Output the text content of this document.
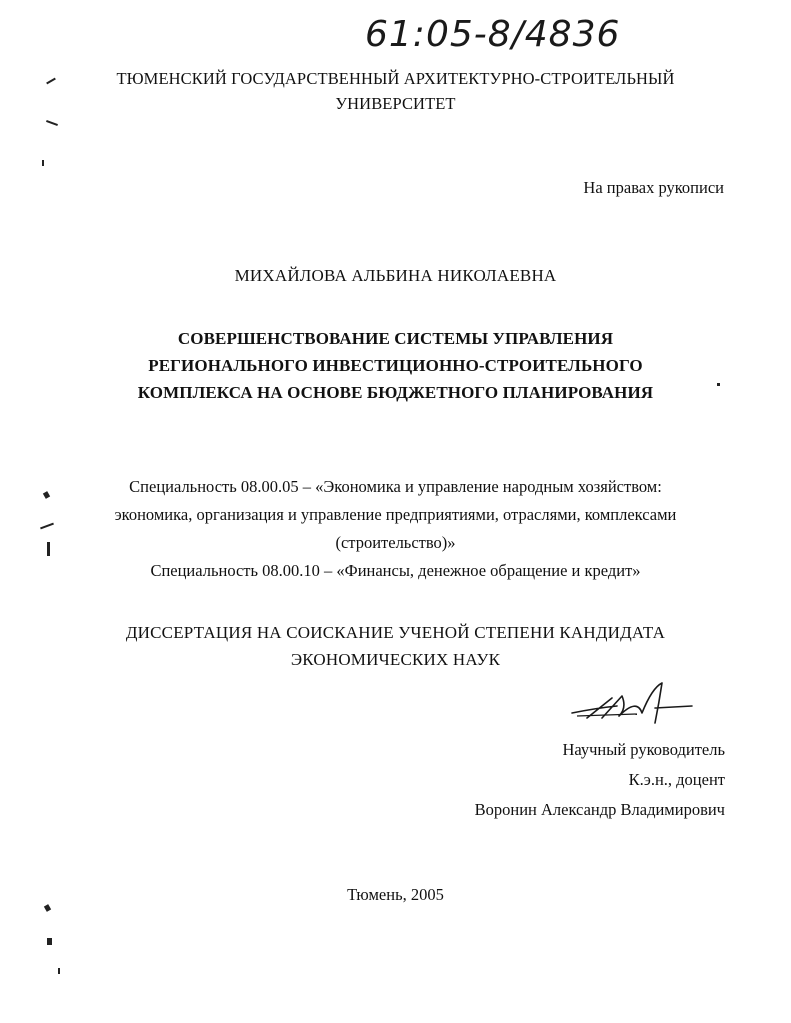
61:05-8/4836
ТЮМЕНСКИЙ ГОСУДАРСТВЕННЫЙ АРХИТЕКТУРНО-СТРОИТЕЛЬНЫЙ
УНИВЕРСИТЕТ
На правах рукописи
МИХАЙЛОВА АЛЬБИНА НИКОЛАЕВНА
СОВЕРШЕНСТВОВАНИЕ СИСТЕМЫ УПРАВЛЕНИЯ
РЕГИОНАЛЬНОГО ИНВЕСТИЦИОННО-СТРОИТЕЛЬНОГО
КОМПЛЕКСА НА ОСНОВЕ БЮДЖЕТНОГО ПЛАНИРОВАНИЯ
Специальность 08.00.05 – «Экономика и управление народным хозяйством:
экономика, организация и управление предприятиями, отраслями, комплексами
(строительство)»
Специальность 08.00.10 – «Финансы, денежное обращение и кредит»
ДИССЕРТАЦИЯ НА СОИСКАНИЕ УЧЕНОЙ СТЕПЕНИ КАНДИДАТА
ЭКОНОМИЧЕСКИХ НАУК
Научный руководитель
К.э.н., доцент
Воронин Александр Владимирович
Тюмень, 2005
